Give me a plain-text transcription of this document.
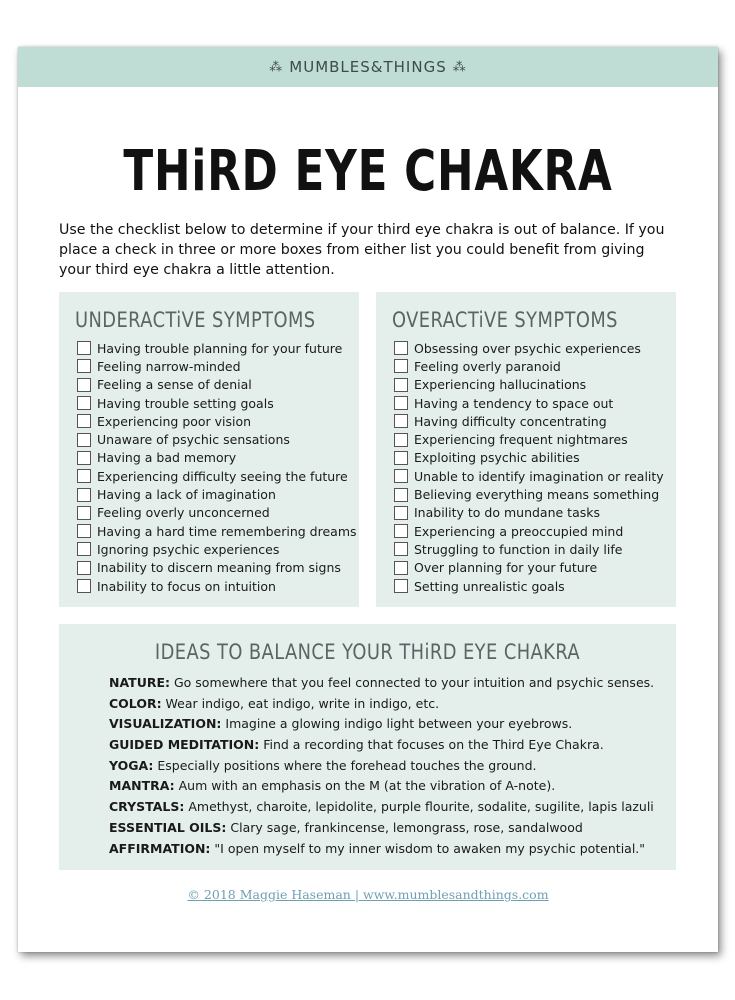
⁂ MUMBLES&THINGS ⁂
THiRD EYE CHAKRA
Use the checklist below to determine if your third eye chakra is out of balance. If you place a check in three or more boxes from either list you could benefit from giving your third eye chakra a little attention.
UNDERACTiVE SYMPTOMS
Having trouble planning for your future
Feeling narrow-minded
Feeling a sense of denial
Having trouble setting goals
Experiencing poor vision
Unaware of psychic sensations
Having a bad memory
Experiencing difficulty seeing the future
Having a lack of imagination
Feeling overly unconcerned
Having a hard time remembering dreams
Ignoring psychic experiences
Inability to discern meaning from signs
Inability to focus on intuition
OVERACTiVE SYMPTOMS
Obsessing over psychic experiences
Feeling overly paranoid
Experiencing hallucinations
Having a tendency to space out
Having difficulty concentrating
Experiencing frequent nightmares
Exploiting psychic abilities
Unable to identify imagination or reality
Believing everything means something
Inability to do mundane tasks
Experiencing a preoccupied mind
Struggling to function in daily life
Over planning for your future
Setting unrealistic goals
IDEAS TO BALANCE YOUR THiRD EYE CHAKRA
NATURE: Go somewhere that you feel connected to your intuition and psychic senses.
COLOR: Wear indigo, eat indigo, write in indigo, etc.
VISUALIZATION: Imagine a glowing indigo light between your eyebrows.
GUIDED MEDITATION: Find a recording that focuses on the Third Eye Chakra.
YOGA: Especially positions where the forehead touches the ground.
MANTRA: Aum with an emphasis on the M (at the vibration of A-note).
CRYSTALS: Amethyst, charoite, lepidolite, purple flourite, sodalite, sugilite, lapis lazuli
ESSENTIAL OILS: Clary sage, frankincense, lemongrass, rose, sandalwood
AFFIRMATION: "I open myself to my inner wisdom to awaken my psychic potential."
© 2018 Maggie Haseman | www.mumblesandthings.com
